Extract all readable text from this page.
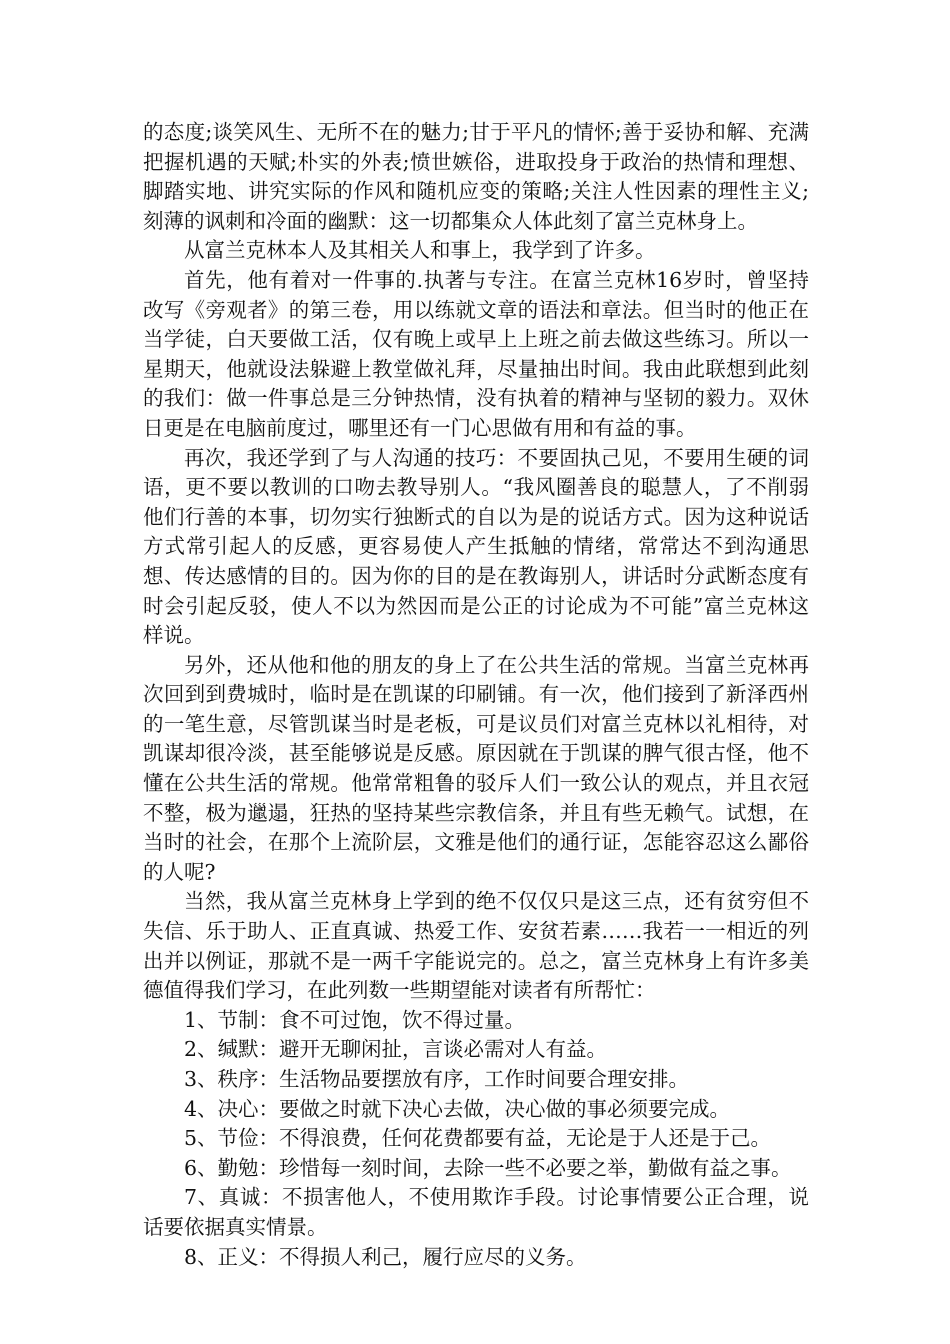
的态度;谈笑风生、无所不在的魅力;甘于平凡的情怀;善于妥协和解、充满把握机遇的天赋;朴实的外表;愤世嫉俗，进取投身于政治的热情和理想、脚踏实地、讲究实际的作风和随机应变的策略;关注人性因素的理性主义;刻薄的讽刺和冷面的幽默：这一切都集众人体此刻了富兰克林身上。

从富兰克林本人及其相关人和事上，我学到了许多。

首先，他有着对一件事的.执著与专注。在富兰克林16岁时，曾坚持改写《旁观者》的第三卷，用以练就文章的语法和章法。但当时的他正在当学徒，白天要做工活，仅有晚上或早上上班之前去做这些练习。所以一星期天，他就设法躲避上教堂做礼拜，尽量抽出时间。我由此联想到此刻的我们：做一件事总是三分钟热情，没有执着的精神与坚韧的毅力。双休日更是在电脑前度过，哪里还有一门心思做有用和有益的事。

再次，我还学到了与人沟通的技巧：不要固执己见，不要用生硬的词语，更不要以教训的口吻去教导别人。“我风圈善良的聪慧人，了不削弱他们行善的本事，切勿实行独断式的自以为是的说话方式。因为这种说话方式常引起人的反感，更容易使人产生抵触的情绪，常常达不到沟通思想、传达感情的目的。因为你的目的是在教诲别人，讲话时分武断态度有时会引起反驳，使人不以为然因而是公正的讨论成为不可能”富兰克林这样说。

另外，还从他和他的朋友的身上了在公共生活的常规。当富兰克林再次回到到费城时，临时是在凯谋的印刷铺。有一次，他们接到了新泽西州的一笔生意，尽管凯谋当时是老板，可是议员们对富兰克林以礼相待，对凯谋却很冷淡，甚至能够说是反感。原因就在于凯谋的脾气很古怪，他不懂在公共生活的常规。他常常粗鲁的驳斥人们一致公认的观点，并且衣冠不整，极为邋遢，狂热的坚持某些宗教信条，并且有些无赖气。试想，在当时的社会，在那个上流阶层，文雅是他们的通行证，怎能容忍这么鄙俗的人呢?

当然，我从富兰克林身上学到的绝不仅仅只是这三点，还有贫穷但不失信、乐于助人、正直真诚、热爱工作、安贫若素……我若一一相近的列出并以例证，那就不是一两千字能说完的。总之，富兰克林身上有许多美德值得我们学习，在此列数一些期望能对读者有所帮忙：

1、节制：食不可过饱，饮不得过量。

2、缄默：避开无聊闲扯，言谈必需对人有益。

3、秩序：生活物品要摆放有序，工作时间要合理安排。

4、决心：要做之时就下决心去做，决心做的事必须要完成。

5、节俭：不得浪费，任何花费都要有益，无论是于人还是于己。

6、勤勉：珍惜每一刻时间，去除一些不必要之举，勤做有益之事。

7、真诚：不损害他人，不使用欺诈手段。讨论事情要公正合理，说话要依据真实情景。

8、正义：不得损人利己，履行应尽的义务。
